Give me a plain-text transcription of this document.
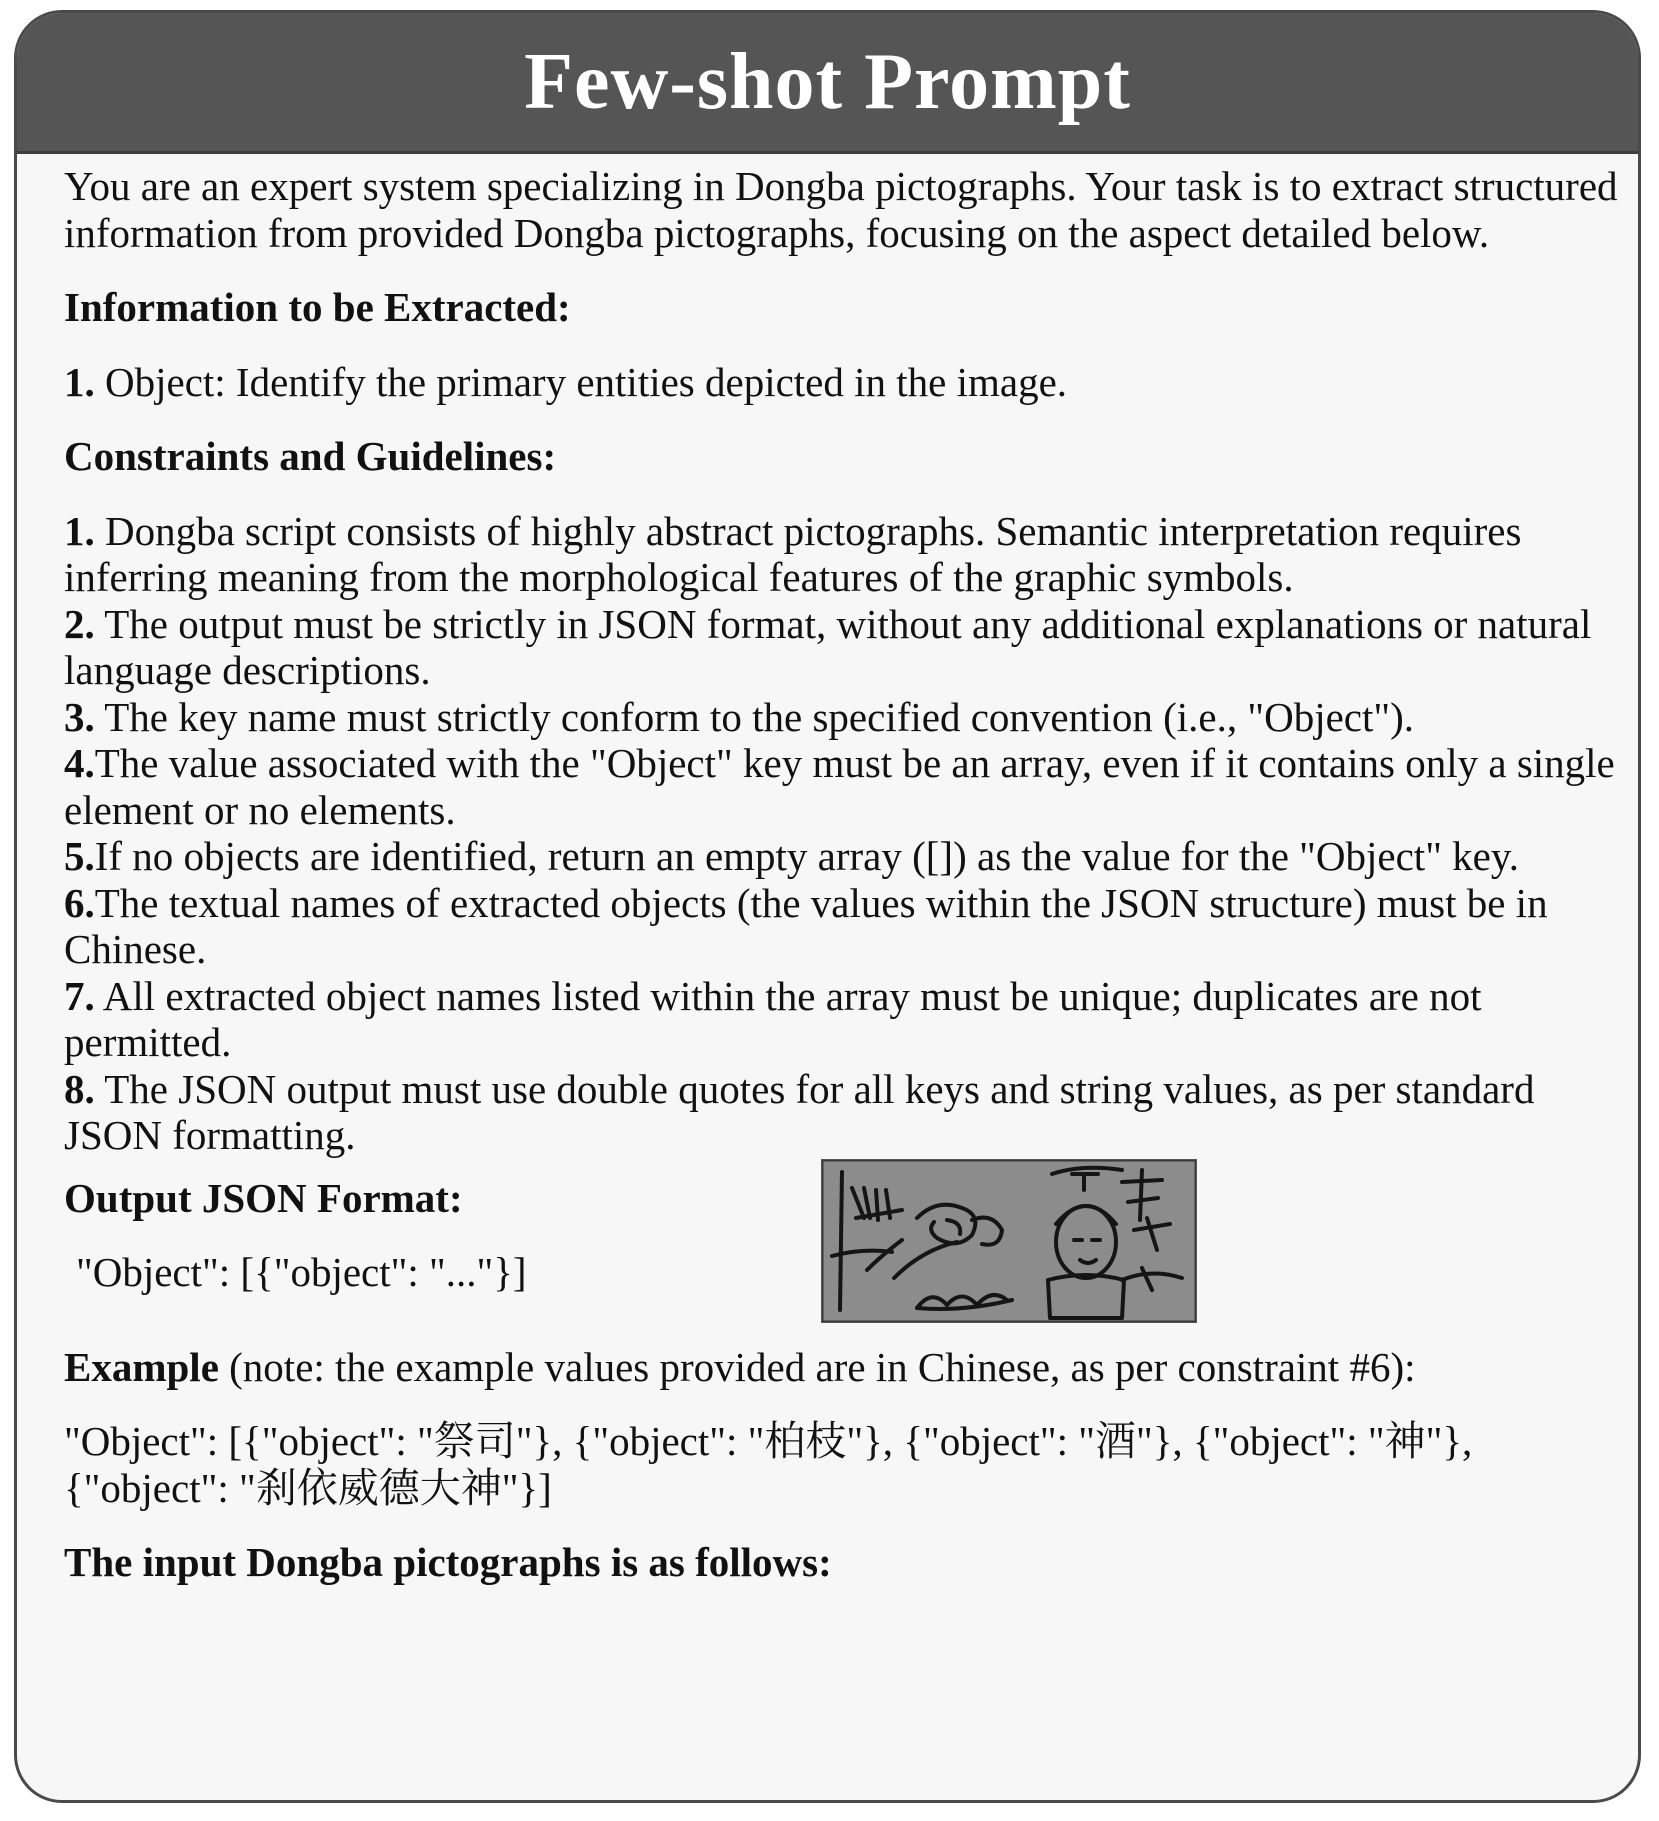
Few-shot Prompt

You are an expert system specializing in Dongba pictographs. Your task is to extract structured information from provided Dongba pictographs, focusing on the aspect detailed below.

Information to be Extracted:

1. Object: Identify the primary entities depicted in the image.

Constraints and Guidelines:

1. Dongba script consists of highly abstract pictographs. Semantic interpretation requires inferring meaning from the morphological features of the graphic symbols.

2. The output must be strictly in JSON format, without any additional explanations or natural language descriptions.

3. The key name must strictly conform to the specified convention (i.e., "Object").

4.The value associated with the "Object" key must be an array, even if it contains only a single element or no elements.

5.If no objects are identified, return an empty array ([]) as the value for the "Object" key.

6.The textual names of extracted objects (the values within the JSON structure) must be in Chinese.

7. All extracted object names listed within the array must be unique; duplicates are not permitted.

8. The JSON output must use double quotes for all keys and string values, as per standard JSON formatting.

Output JSON Format:

"Object": [{"object": "..."}]

Example (note: the example values provided are in Chinese, as per constraint #6):

"Object": [{"object": "祭司"}, {"object": "柏枝"}, {"object": "酒"}, {"object": "神"}, {"object": "刹依威德大神"}]

The input Dongba pictographs is as follows:
